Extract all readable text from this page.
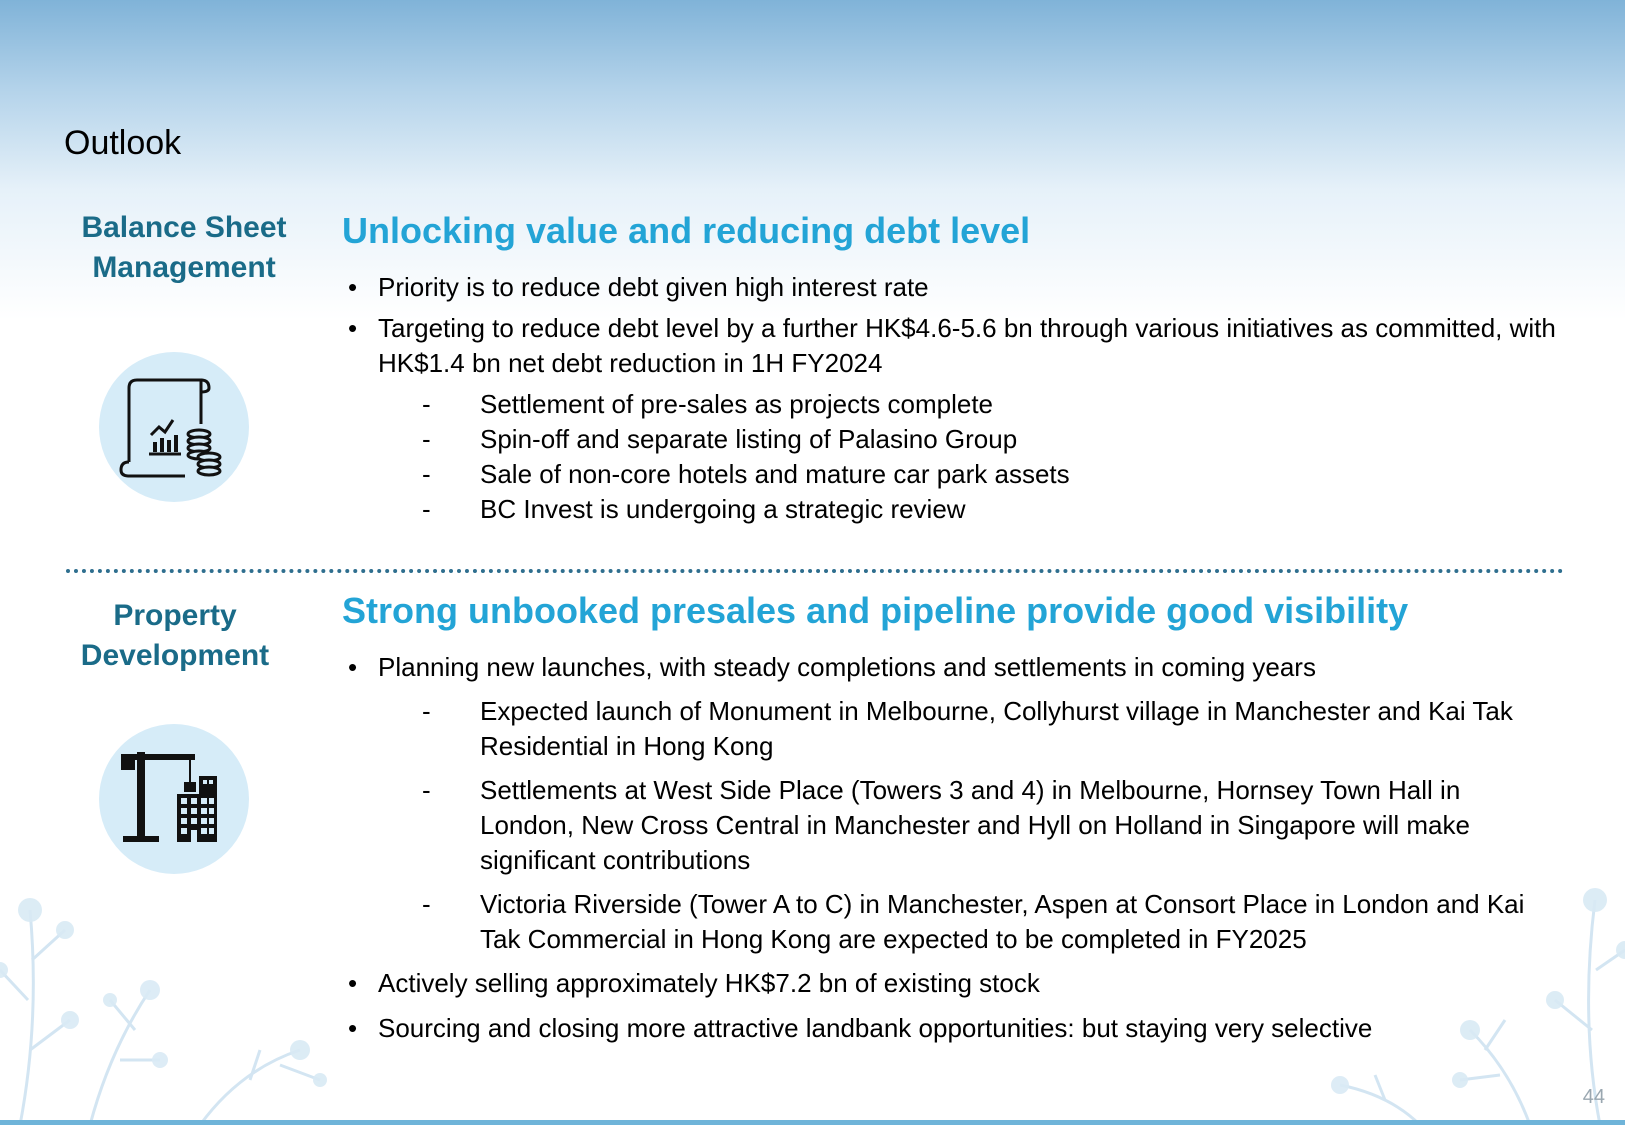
Outlook
Balance Sheet
Management
Unlocking value and reducing debt level
• Priority is to reduce debt given high interest rate
• Targeting to reduce debt level by a further HK$4.6-5.6 bn through various initiatives as committed, with HK$1.4 bn net debt reduction in 1H FY2024
- Settlement of pre-sales as projects complete
- Spin-off and separate listing of Palasino Group
- Sale of non-core hotels and mature car park assets
- BC Invest is undergoing a strategic review
Property
Development
Strong unbooked presales and pipeline provide good visibility
• Planning new launches, with steady completions and settlements in coming years
- Expected launch of Monument in Melbourne, Collyhurst village in Manchester and Kai Tak Residential in Hong Kong
- Settlements at West Side Place (Towers 3 and 4) in Melbourne, Hornsey Town Hall in London, New Cross Central in Manchester and Hyll on Holland in Singapore will make significant contributions
- Victoria Riverside (Tower A to C) in Manchester, Aspen at Consort Place in London and Kai Tak Commercial in Hong Kong are expected to be completed in FY2025
• Actively selling approximately HK$7.2 bn of existing stock
• Sourcing and closing more attractive landbank opportunities: but staying very selective
44
